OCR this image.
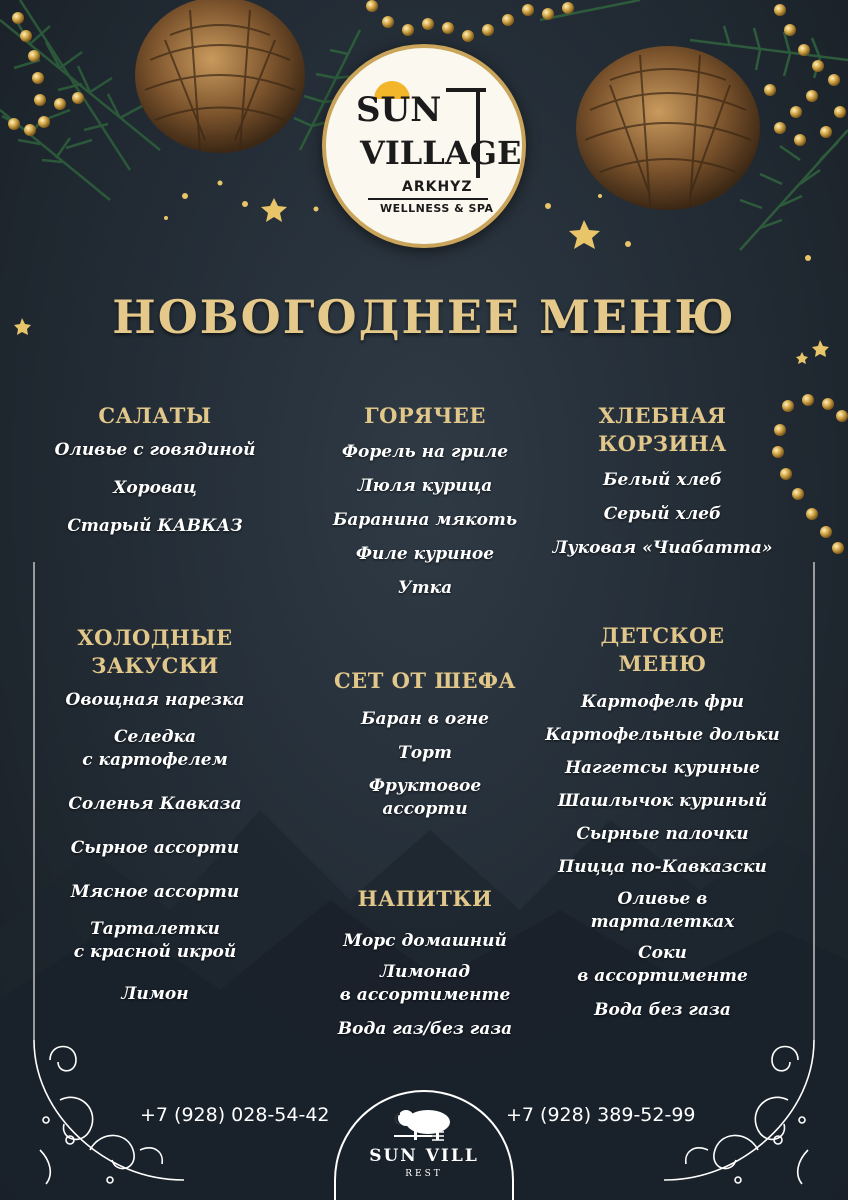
SUN
VILLAGE
ARKHYZ
WELLNESS & SPA
НОВОГОДНЕЕ МЕНЮ
САЛАТЫ
Оливье с говядиной
Хоровац
Старый КАВКАЗ
ХОЛОДНЫЕ
ЗАКУСКИ
Овощная нарезка
Селедка
с картофелем
Соленья Кавказа
Сырное ассорти
Мясное ассорти
Тарталетки
с красной икрой
Лимон
ГОРЯЧЕЕ
Форель на гриле
Люля курица
Баранина мякоть
Филе куриное
Утка
СЕТ ОТ ШЕФА
Баран в огне
Торт
Фруктовое
ассорти
НАПИТКИ
Морс домашний
Лимонад
в ассортименте
Вода газ/без газа
ХЛЕБНАЯ
КОРЗИНА
Белый хлеб
Серый хлеб
Луковая «Чиабатта»
ДЕТСКОЕ
МЕНЮ
Картофель фри
Картофельные дольки
Наггетсы куриные
Шашлычок куриный
Сырные палочки
Пицца по-Кавказски
Оливье в
тарталетках
Соки
в ассортименте
Вода без газа
+7 (928) 028-54-42	+7 (928) 389-52-99
SUN VILL
REST
